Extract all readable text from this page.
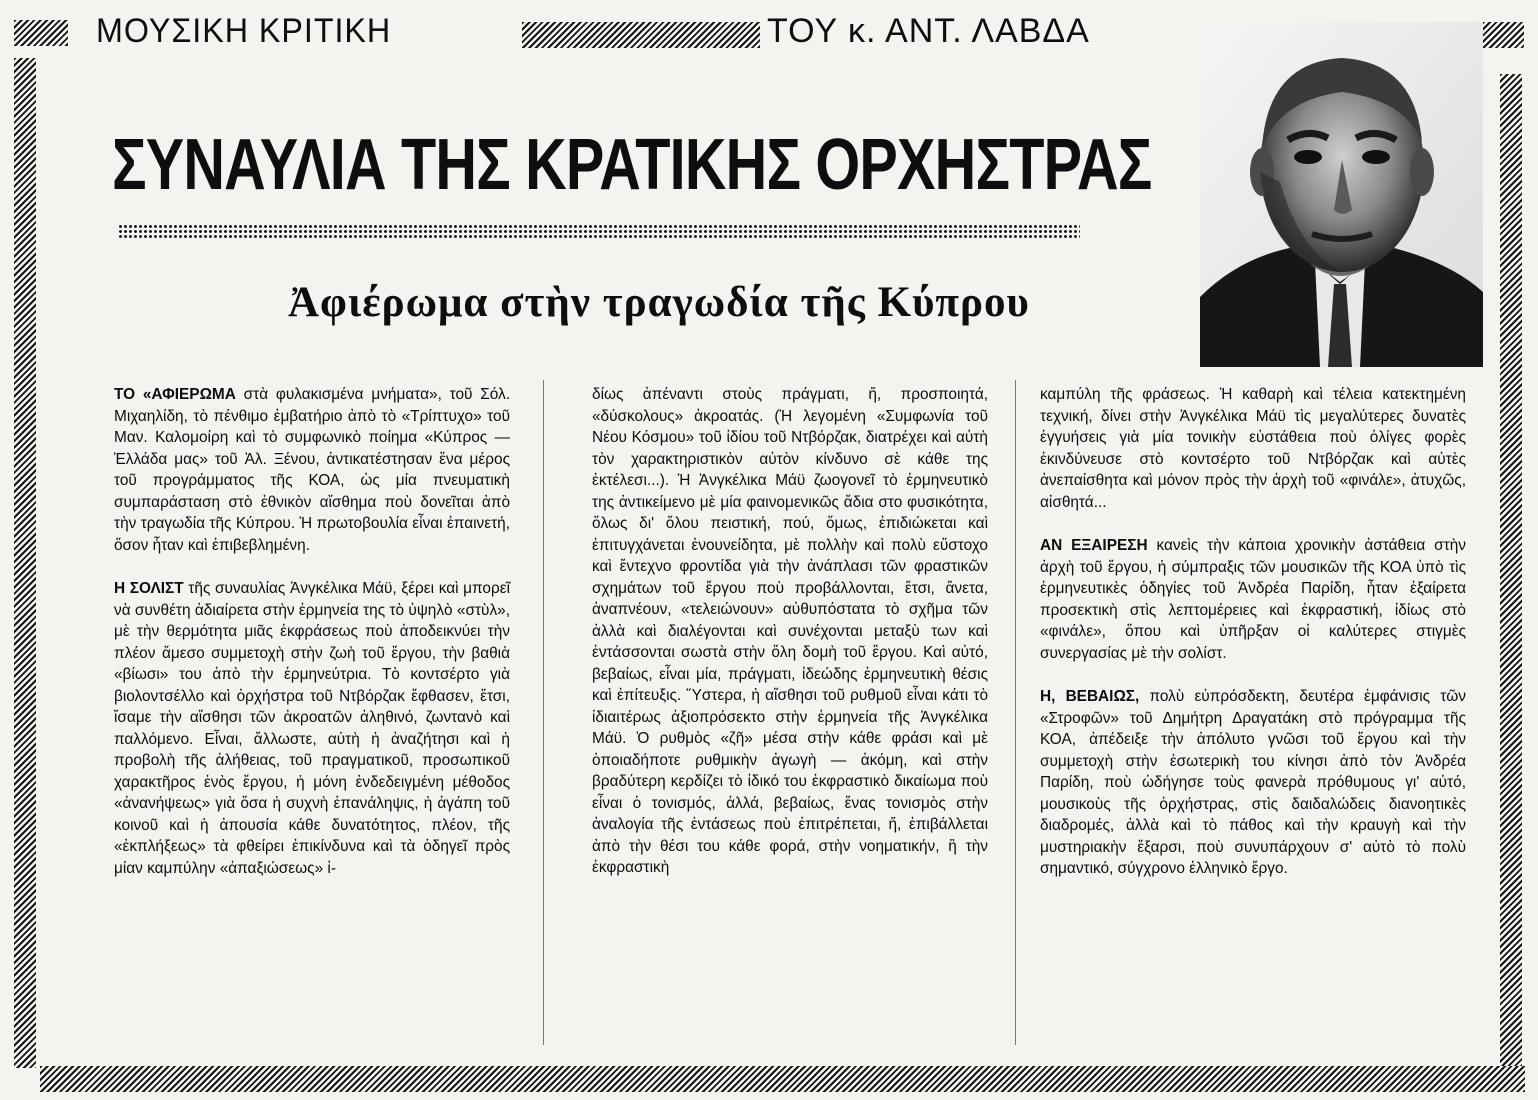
ΜΟΥΣΙΚΗ ΚΡΙΤΙΚΗ	ΤΟΥ κ. ΑΝΤ. ΛΑΒΔΑ
ΣΥΝΑΥΛΙΑ ΤΗΣ ΚΡΑΤΙΚΗΣ ΟΡΧΗΣΤΡΑΣ
Ἀφιέρωμα στὴν τραγωδία τῆς Κύπρου

ΤΟ «ΑΦΙΕΡΩΜΑ στὰ φυλακισμένα μνήματα», τοῦ Σόλ. Μιχαηλίδη, τὸ πένθιμο ἐμβατήριο ἀπὸ τὸ «Τρίπτυχο» τοῦ Μαν. Καλομοίρη καὶ τὸ συμφωνικὸ ποίημα «Κύπρος — Ἑλλάδα μας» τοῦ Ἀλ. Ξένου, ἀντικατέστησαν ἕνα μέρος τοῦ προγράμματος τῆς ΚΟΑ, ὡς μία πνευματικὴ συμπαράσταση στὸ ἐθνικὸν αἴσθημα ποὺ δονεῖται ἀπὸ τὴν τραγωδία τῆς Κύπρου. Ἡ πρωτοβουλία εἶναι ἐπαινετή, ὅσον ἦταν καὶ ἐπιβεβλημένη.

Η ΣΟΛΙΣΤ τῆς συναυλίας Ἀνγκέλικα Μάϋ, ξέρει καὶ μπορεῖ νὰ συνθέτη ἀδιαίρετα στὴν ἑρμηνεία της τὸ ὑψηλὸ «στὺλ», μὲ τὴν θερμότητα μιᾶς ἐκφράσεως ποὺ ἀποδεικνύει τὴν πλέον ἄμεσο συμμετοχὴ στὴν ζωὴ τοῦ ἔργου, τὴν βαθιὰ «βίωσι» του ἀπὸ τὴν ἑρμηνεύτρια. Τὸ κοντσέρτο γιὰ βιολοντσέλλο καὶ ὀρχήστρα τοῦ Ντβόρζακ ἔφθασεν, ἔτσι, ἴσαμε τὴν αἴσθησι τῶν ἀκροατῶν ἀληθινό, ζωντανὸ καὶ παλλόμενο. Εἶναι, ἄλλωστε, αὐτὴ ἡ ἀναζήτησι καὶ ἡ προβολὴ τῆς ἀλήθειας, τοῦ πραγματικοῦ, προσωπικοῦ χαρακτῆρος ἑνὸς ἔργου, ἡ μόνη ἐνδεδειγμένη μέθοδος «ἀνανήψεως» γιὰ ὅσα ἡ συχνὴ ἐπανάληψις, ἡ ἀγάπη τοῦ κοινοῦ καὶ ἡ ἀπουσία κάθε δυνατότητος, πλέον, τῆς «ἐκπλήξεως» τὰ φθείρει ἐπικίνδυνα καὶ τὰ ὁδηγεῖ πρὸς μίαν καμπύλην «ἀπαξιώσεως» ἰ-

δίως ἀπέναντι στοὺς πράγματι, ἤ, προσποιητά, «δύσκολους» ἀκροατάς. (Ἡ λεγομένη «Συμφωνία τοῦ Νέου Κόσμου» τοῦ ἰδίου τοῦ Ντβόρζακ, διατρέχει καὶ αὐτὴ τὸν χαρακτηριστικὸν αὐτὸν κίνδυνο σὲ κάθε της ἐκτέλεσι...). Ἡ Ἀνγκέλικα Μάϋ ζωογονεῖ τὸ ἑρμηνευτικὸ της ἀντικείμενο μὲ μία φαινομενικῶς ἄδια στο φυσικότητα, ὅλως δι' ὅλου πειστική, πού, ὅμως, ἐπιδιώκεται καὶ ἐπιτυγχάνεται ἐνουνείδητα, μὲ πολλὴν καὶ πολὺ εὔστοχο καὶ ἔντεχνο φροντίδα γιὰ τὴν ἀνάπλασι τῶν φραστικῶν σχημάτων τοῦ ἔργου ποὺ προβάλλονται, ἔτσι, ἄνετα, ἀναπνέουν, «τελειώνουν» αὐθυπόστατα τὸ σχῆμα τῶν ἀλλὰ καὶ διαλέγονται καὶ συνέχονται μεταξὺ των καὶ ἐντάσσονται σωστὰ στὴν ὅλη δομὴ τοῦ ἔργου. Καὶ αὐτό, βεβαίως, εἶναι μία, πράγματι, ἰδεώδης ἑρμηνευτικὴ θέσις καὶ ἐπίτευξις. Ὕστερα, ἡ αἴσθησι τοῦ ρυθμοῦ εἶναι κάτι τὸ ἰδιαιτέρως ἀξιοπρόσεκτο στὴν ἑρμηνεία τῆς Ἀνγκέλικα Μάϋ. Ὁ ρυθμὸς «ζῆ» μέσα στὴν κάθε φράσι καὶ μὲ ὁποιαδήποτε ρυθμικὴν ἀγωγὴ — ἀκόμη, καὶ στὴν βραδύτερη κερδίζει τὸ ἰδικό του ἐκφραστικὸ δικαίωμα ποὺ εἶναι ὁ τονισμός, ἀλλά, βεβαίως, ἕνας τονισμὸς στὴν ἀναλογία τῆς ἐντάσεως ποὺ ἐπιτρέπεται, ἤ, ἐπιβάλλεται ἀπὸ τὴν θέσι του κάθε φορά, στὴν νοηματικήν, ἢ τὴν ἐκφραστικὴ

καμπύλη τῆς φράσεως. Ἡ καθαρὴ καὶ τέλεια κατεκτημένη τεχνική, δίνει στὴν Ἀνγκέλικα Μάϋ τὶς μεγαλύτερες δυνατὲς ἐγγυήσεις γιὰ μία τονικὴν εὐστάθεια ποὺ ὀλίγες φορὲς ἐκινδύνευσε στὸ κοντσέρτο τοῦ Ντβόρζακ καὶ αὐτὲς ἀνεπαίσθητα καὶ μόνον πρὸς τὴν ἀρχὴ τοῦ «φινάλε», ἀτυχῶς, αἰσθητά...

ΑΝ ΕΞΑΙΡΕΣΗ κανεὶς τὴν κάποια χρονικὴν ἀστάθεια στὴν ἀρχὴ τοῦ ἔργου, ἡ σύμπραξις τῶν μουσικῶν τῆς ΚΟΑ ὑπὸ τὶς ἑρμηνευτικὲς ὁδηγίες τοῦ Ἀνδρέα Παρίδη, ἦταν ἐξαίρετα προσεκτικὴ στὶς λεπτομέρειες καὶ ἐκφραστική, ἰδίως στὸ «φινάλε», ὅπου καὶ ὑπῆρξαν οἱ καλύτερες στιγμὲς συνεργασίας μὲ τὴν σολίστ.

Η, ΒΕΒΑΙΩΣ, πολὺ εὐπρόσδεκτη, δευτέρα ἐμφάνισις τῶν «Στροφῶν» τοῦ Δημήτρη Δραγατάκη στὸ πρόγραμμα τῆς ΚΟΑ, ἀπέδειξε τὴν ἀπόλυτο γνῶσι τοῦ ἔργου καὶ τὴν συμμετοχὴ στὴν ἐσωτερικὴ του κίνησι ἀπὸ τὸν Ἀνδρέα Παρίδη, ποὺ ὡδήγησε τοὺς φανερὰ πρόθυμους γι' αὐτό, μουσικοὺς τῆς ὀρχήστρας, στὶς δαιδαλώδεις διανοητικὲς διαδρομές, ἀλλὰ καὶ τὸ πάθος καὶ τὴν κραυγὴ καὶ τὴν μυστηριακὴν ἔξαρσι, ποὺ συνυπάρχουν σ' αὐτὸ τὸ πολὺ σημαντικό, σύγχρονο ἑλληνικὸ ἔργο.
